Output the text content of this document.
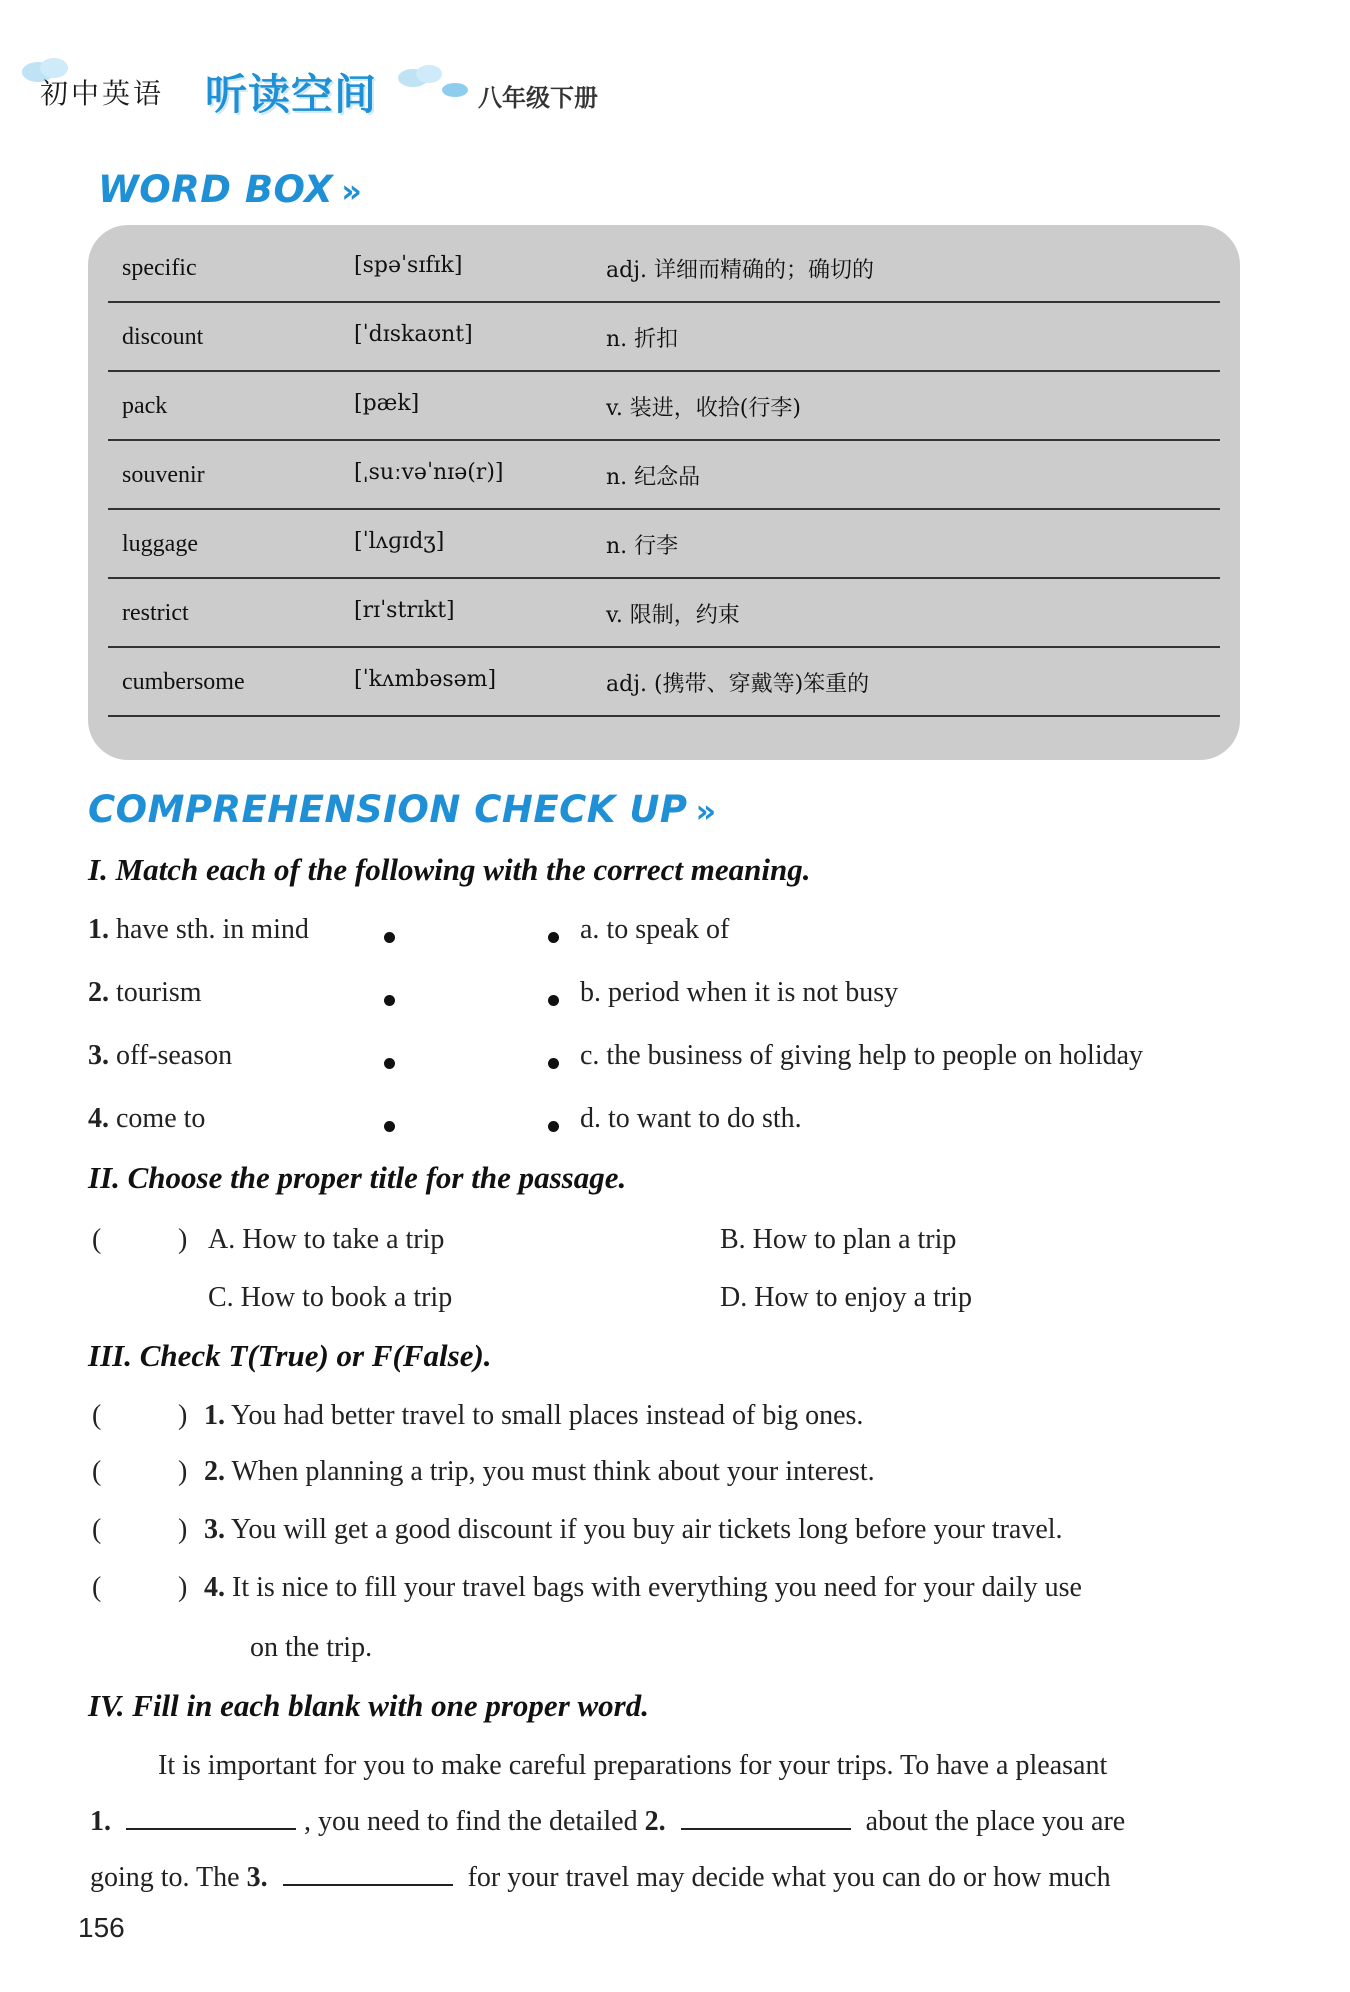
初中英语 听读空间	八年级下册
WORD BOX »
specific	[spəˈsɪfɪk]	adj. 详细而精确的；确切的
discount	[ˈdɪskaʊnt]	n. 折扣
pack	[pæk]	v. 装进，收拾(行李)
souvenir	[ˌsuːvəˈnɪə(r)]	n. 纪念品
luggage	[ˈlʌɡɪdʒ]	n. 行李
restrict	[rɪˈstrɪkt]	v. 限制，约束
cumbersome	[ˈkʌmbəsəm]	adj. (携带、穿戴等)笨重的
COMPREHENSION CHECK UP »
I. Match each of the following with the correct meaning.
1. have sth. in mind
2. tourism
3. off-season
4. come to
a. to speak of
b. period when it is not busy
c. the business of giving help to people on holiday
d. to want to do sth.
II. Choose the proper title for the passage.
(	) A. How to take a trip	B. How to plan a trip
C. How to book a trip	D. How to enjoy a trip
III. Check T(True) or F(False).
(	) 1. You had better travel to small places instead of big ones.
(	) 2. When planning a trip, you must think about your interest.
(	) 3. You will get a good discount if you buy air tickets long before your travel.
(	) 4. It is nice to fill your travel bags with everything you need for your daily use
on the trip.
IV. Fill in each blank with one proper word.
It is important for you to make careful preparations for your trips. To have a pleasant
1.	, you need to find the detailed 2.	about the place you are
going to. The 3.	for your travel may decide what you can do or how much
156
